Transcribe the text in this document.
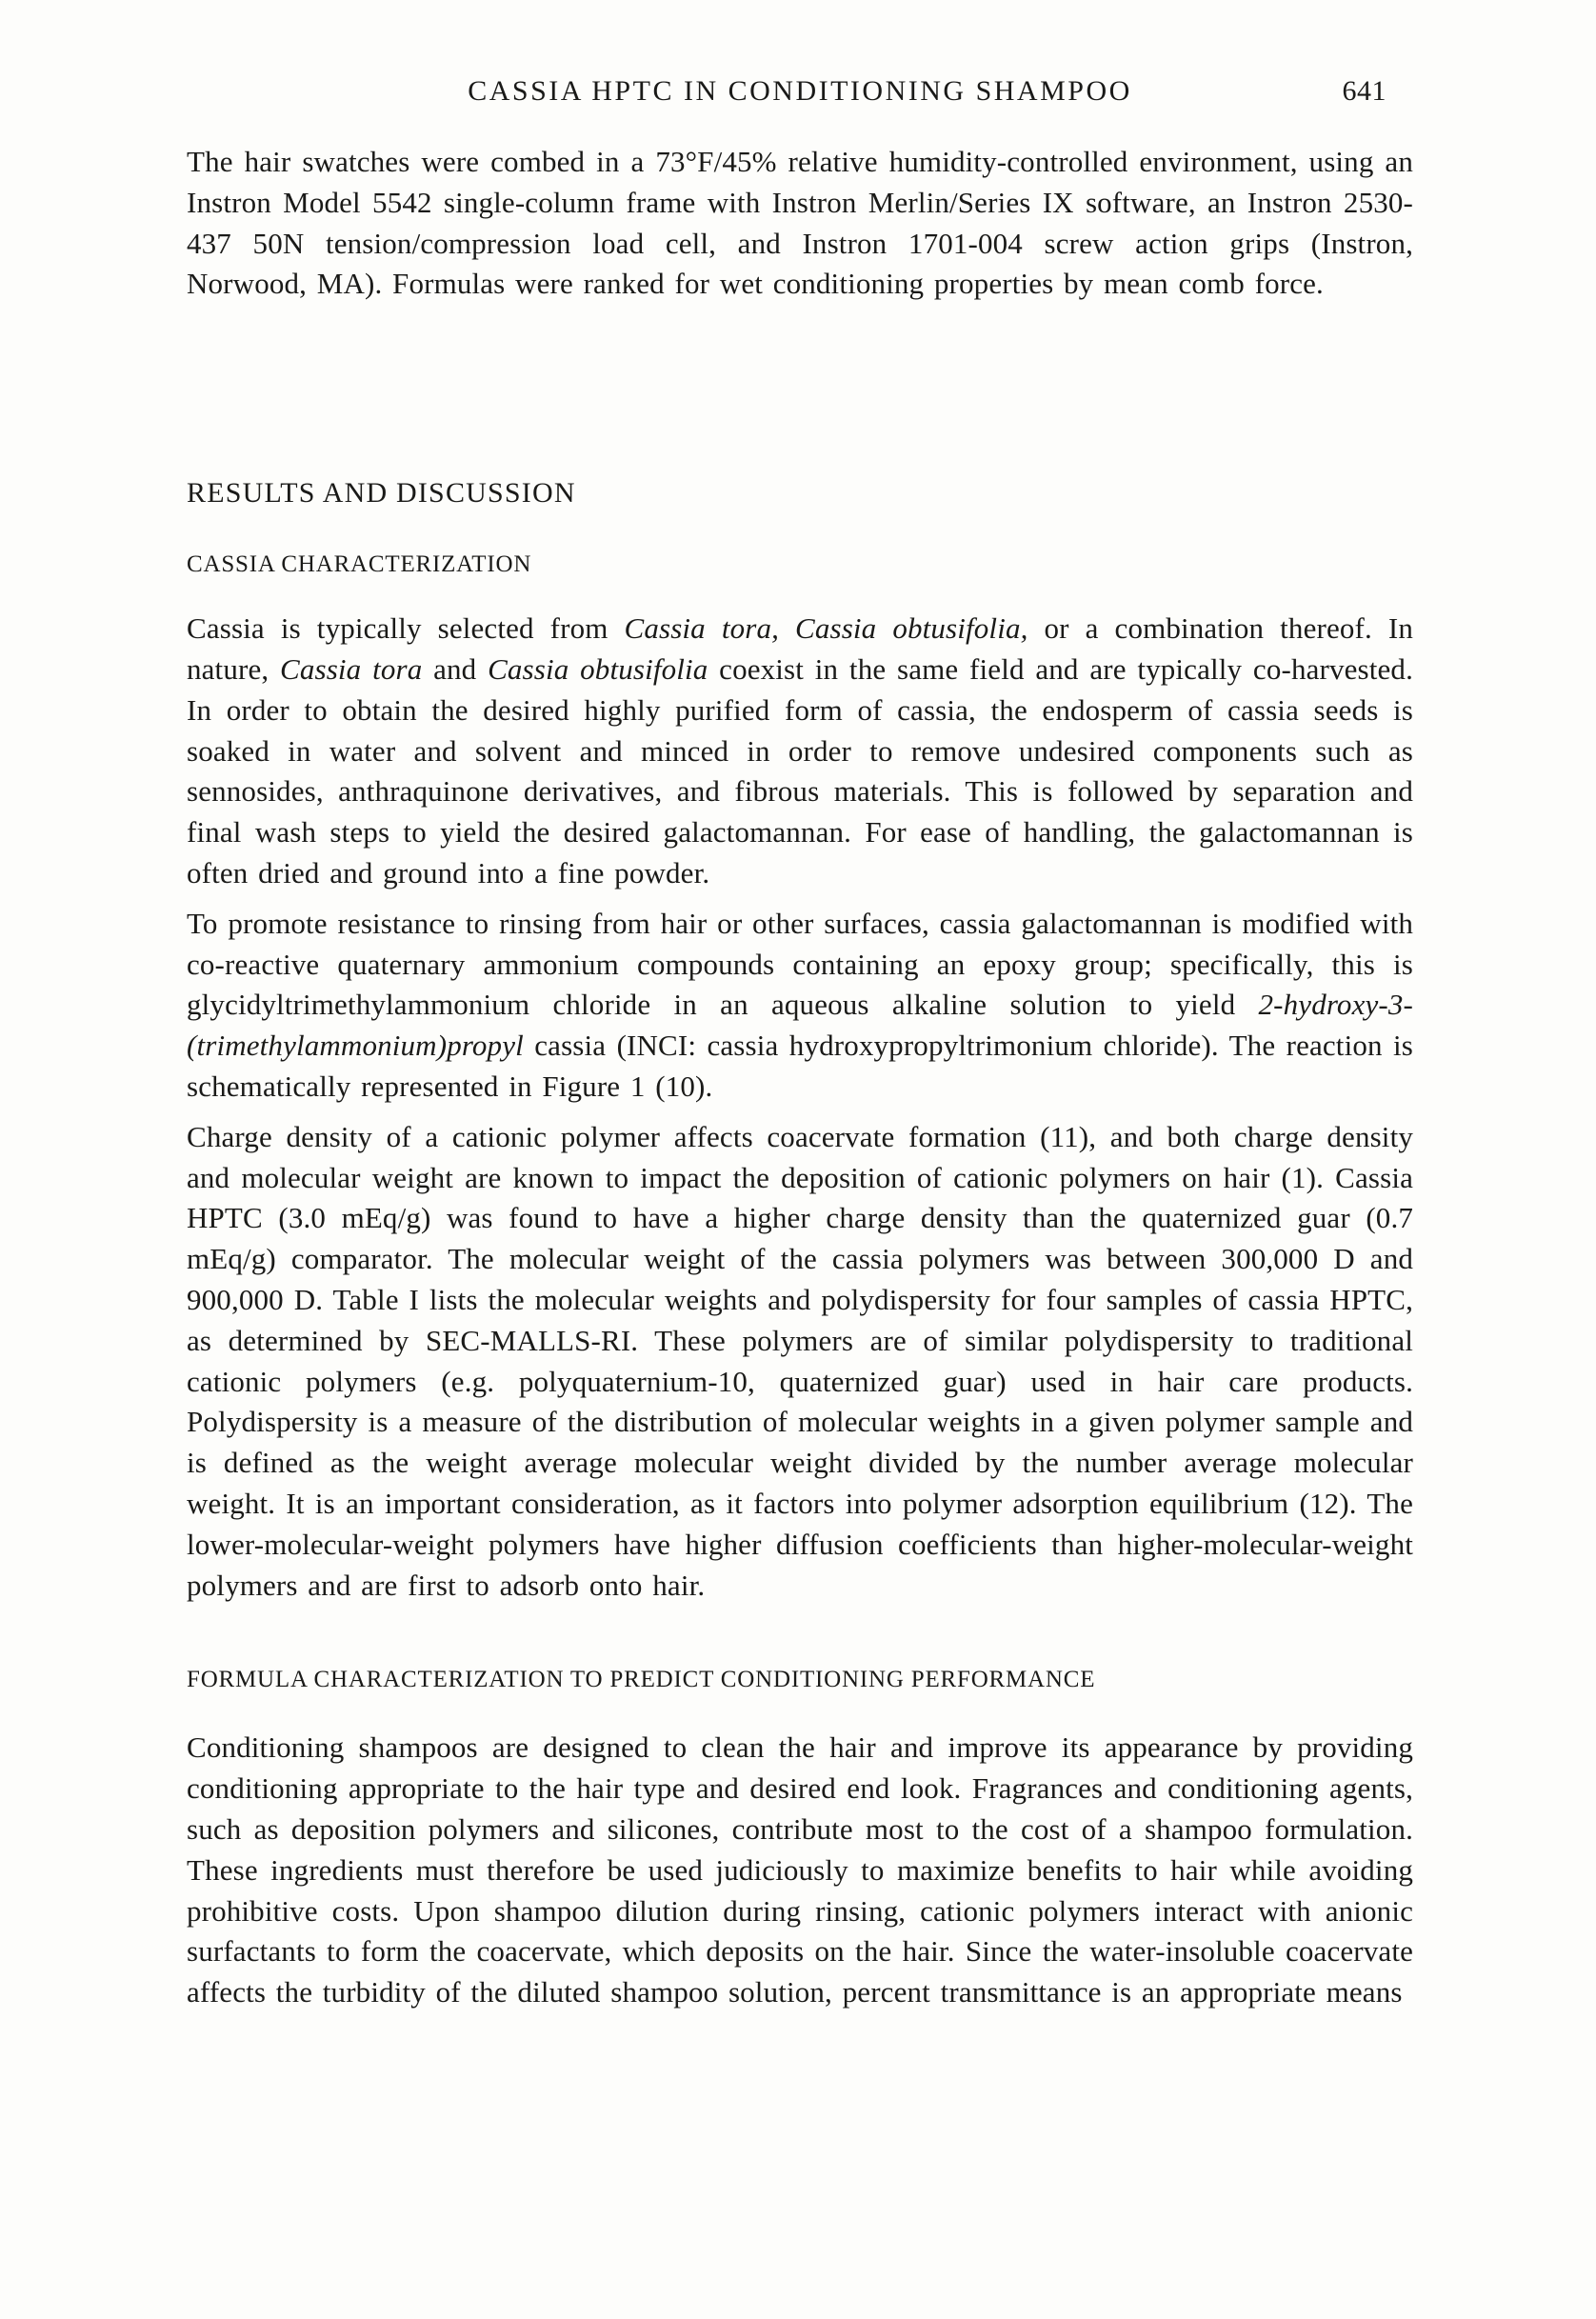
CASSIA HPTC IN CONDITIONING SHAMPOO	641

The hair swatches were combed in a 73°F/45% relative humidity-controlled environment, using an Instron Model 5542 single-column frame with Instron Merlin/Series IX software, an Instron 2530-437 50N tension/compression load cell, and Instron 1701-004 screw action grips (Instron, Norwood, MA). Formulas were ranked for wet conditioning properties by mean comb force.

RESULTS AND DISCUSSION
CASSIA CHARACTERIZATION

Cassia is typically selected from Cassia tora, Cassia obtusifolia, or a combination thereof. In nature, Cassia tora and Cassia obtusifolia coexist in the same field and are typically co-harvested. In order to obtain the desired highly purified form of cassia, the endosperm of cassia seeds is soaked in water and solvent and minced in order to remove undesired components such as sennosides, anthraquinone derivatives, and fibrous materials. This is followed by separation and final wash steps to yield the desired galactomannan. For ease of handling, the galactomannan is often dried and ground into a fine powder.

To promote resistance to rinsing from hair or other surfaces, cassia galactomannan is modified with co-reactive quaternary ammonium compounds containing an epoxy group; specifically, this is glycidyltrimethylammonium chloride in an aqueous alkaline solution to yield 2-hydroxy-3-(trimethylammonium)propyl cassia (INCI: cassia hydroxypropyltrimonium chloride). The reaction is schematically represented in Figure 1 (10).

Charge density of a cationic polymer affects coacervate formation (11), and both charge density and molecular weight are known to impact the deposition of cationic polymers on hair (1). Cassia HPTC (3.0 mEq/g) was found to have a higher charge density than the quaternized guar (0.7 mEq/g) comparator. The molecular weight of the cassia polymers was between 300,000 D and 900,000 D. Table I lists the molecular weights and polydispersity for four samples of cassia HPTC, as determined by SEC-MALLS-RI. These polymers are of similar polydispersity to traditional cationic polymers (e.g. polyquaternium-10, quaternized guar) used in hair care products. Polydispersity is a measure of the distribution of molecular weights in a given polymer sample and is defined as the weight average molecular weight divided by the number average molecular weight. It is an important consideration, as it factors into polymer adsorption equilibrium (12). The lower-molecular-weight polymers have higher diffusion coefficients than higher-molecular-weight polymers and are first to adsorb onto hair.

FORMULA CHARACTERIZATION TO PREDICT CONDITIONING PERFORMANCE

Conditioning shampoos are designed to clean the hair and improve its appearance by providing conditioning appropriate to the hair type and desired end look. Fragrances and conditioning agents, such as deposition polymers and silicones, contribute most to the cost of a shampoo formulation. These ingredients must therefore be used judiciously to maximize benefits to hair while avoiding prohibitive costs. Upon shampoo dilution during rinsing, cationic polymers interact with anionic surfactants to form the coacervate, which deposits on the hair. Since the water-insoluble coacervate affects the turbidity of the diluted shampoo solution, percent transmittance is an appropriate means
